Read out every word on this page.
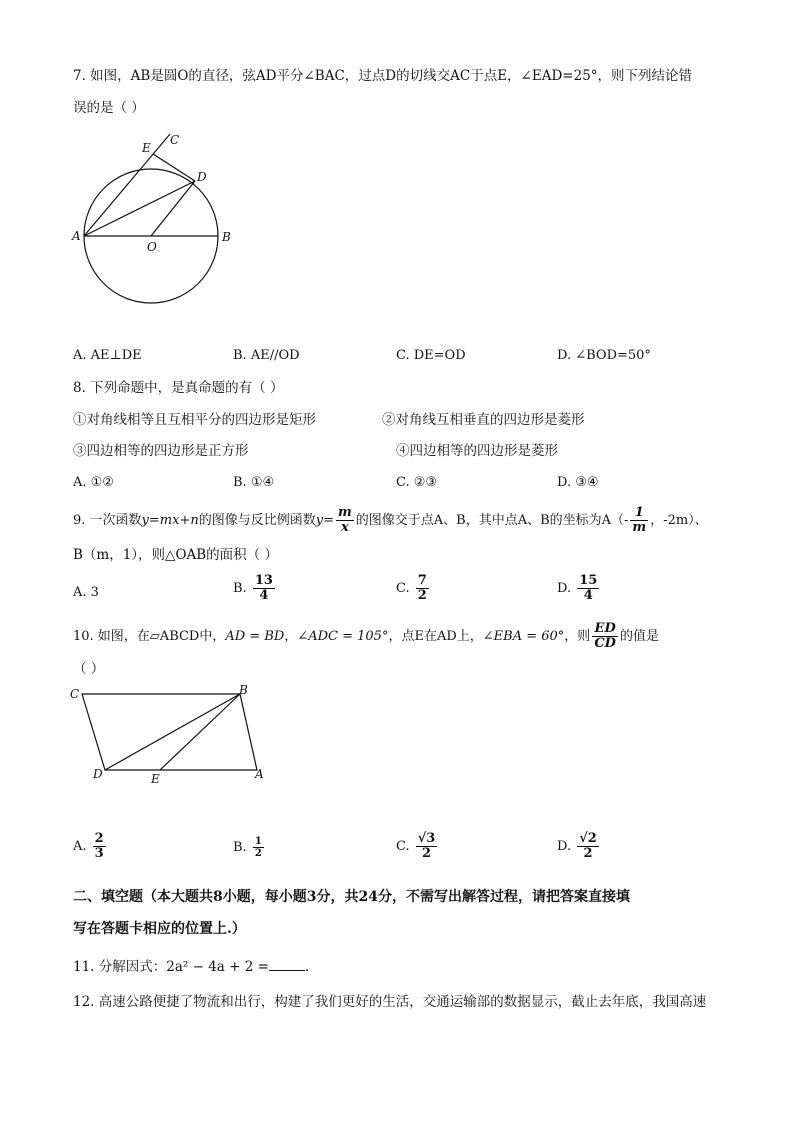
7. 如图，AB是圆O的直径，弦AD平分∠BAC，过点D的切线交AC于点E，∠EAD=25°，则下列结论错
误的是（ ）
E
C
D
A
O
B
A. AE⊥DE	B. AE//OD	C. DE=OD	D. ∠BOD=50°
8. 下列命题中，是真命题的有（ ）
①对角线相等且互相平分的四边形是矩形	②对角线互相垂直的四边形是菱形
③四边相等的四边形是正方形	④四边相等的四边形是菱形
A. ①②	B. ①④	C. ②③	D. ③④
9. 一次函数y=mx+n的图像与反比例函数$y= \frac{m}{x}$ 的图像交于点A、B，其中点A、B的坐标为$A(- \frac{1}{m}$ ，-2m）、
B（m，1），则△OAB的面积（ ）
A. 3	B. $\frac{13}{4}$	C. $\frac{7}{2}$	D. $\frac{15}{4}$
10. 如图，在▱ABCD中，AD = BD，∠ADC = 105°，点E在AD上，∠EBA = 60°，则 $\frac{ED}{CD}$ 的值是
（ ）
C	B
D	E	A
A. $\frac{2}{3}$	B. $\frac{1}{2}$	C. $\frac{√3}{2}$	D. $\frac{√2}{2}$
二、填空题（本大题共8小题，每小题3分，共24分，不需写出解答过程，请把答案直接填
写在答题卡相应的位置上.）
11. 分解因式：2a² − 4a + 2 =	.
12. 高速公路便捷了物流和出行，构建了我们更好的生活，交通运输部的数据显示，截止去年底，我国高速
